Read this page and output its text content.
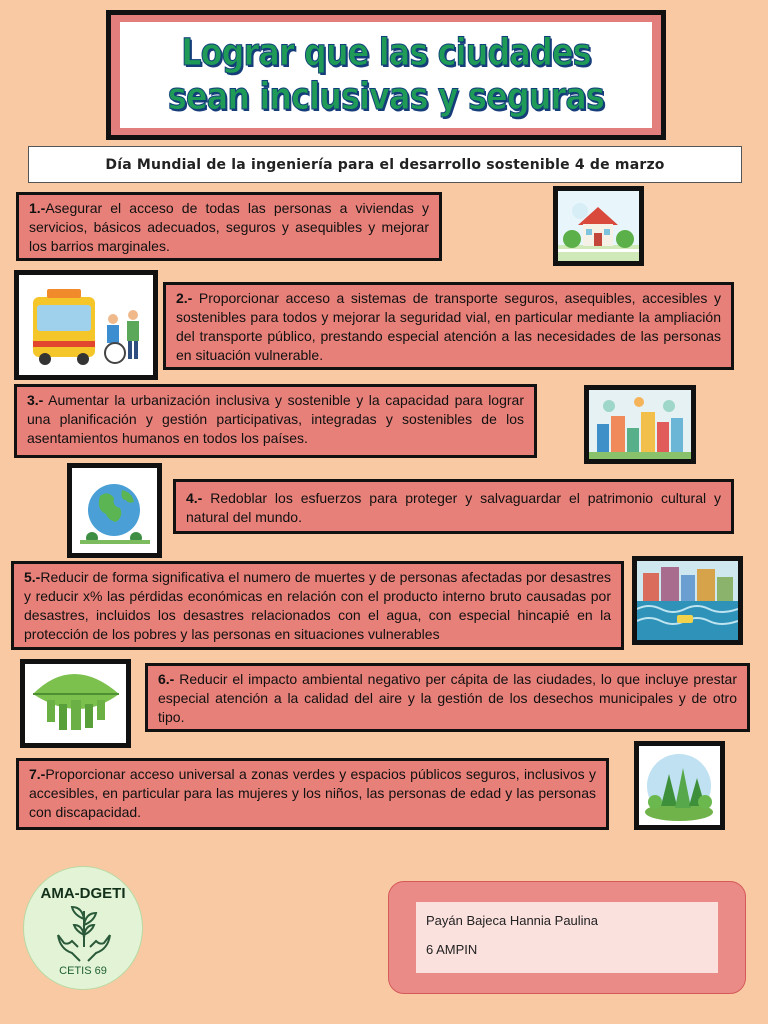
Lograr que las ciudades sean inclusivas y seguras
Día Mundial de la ingeniería para el desarrollo sostenible 4 de marzo
1.-Asegurar el acceso de todas las personas a viviendas y servicios, básicos adecuados, seguros y asequibles y mejorar los barrios marginales.
2.- Proporcionar acceso a sistemas de transporte seguros, asequibles, accesibles y sostenibles para todos y mejorar la seguridad vial, en particular mediante la ampliación del transporte público, prestando especial atención a las necesidades de las personas en situación vulnerable.
3.- Aumentar la urbanización inclusiva y sostenible y la capacidad para lograr una planificación y gestión participativas, integradas y sostenibles de los asentamientos humanos en todos los países.
4.- Redoblar los esfuerzos para proteger y salvaguardar el patrimonio cultural y natural del mundo.
5.-Reducir de forma significativa el numero de muertes y de personas afectadas por desastres y reducir x% las pérdidas económicas en relación con el producto interno bruto causadas por desastres, incluidos los desastres relacionados con el agua, con especial hincapié en la protección de los pobres y las personas en situaciones vulnerables
6.- Reducir el impacto ambiental negativo per cápita de las ciudades, lo que incluye prestar especial atención a la calidad del aire y la gestión de los desechos municipales y de otro tipo.
7.-Proporcionar acceso universal a zonas verdes y espacios públicos seguros, inclusivos y accesibles, en particular para las mujeres y los niños, las personas de edad y las personas con discapacidad.
AMA-DGETI
CETIS 69
Payán Bajeca Hannia Paulina
6 AMPIN
